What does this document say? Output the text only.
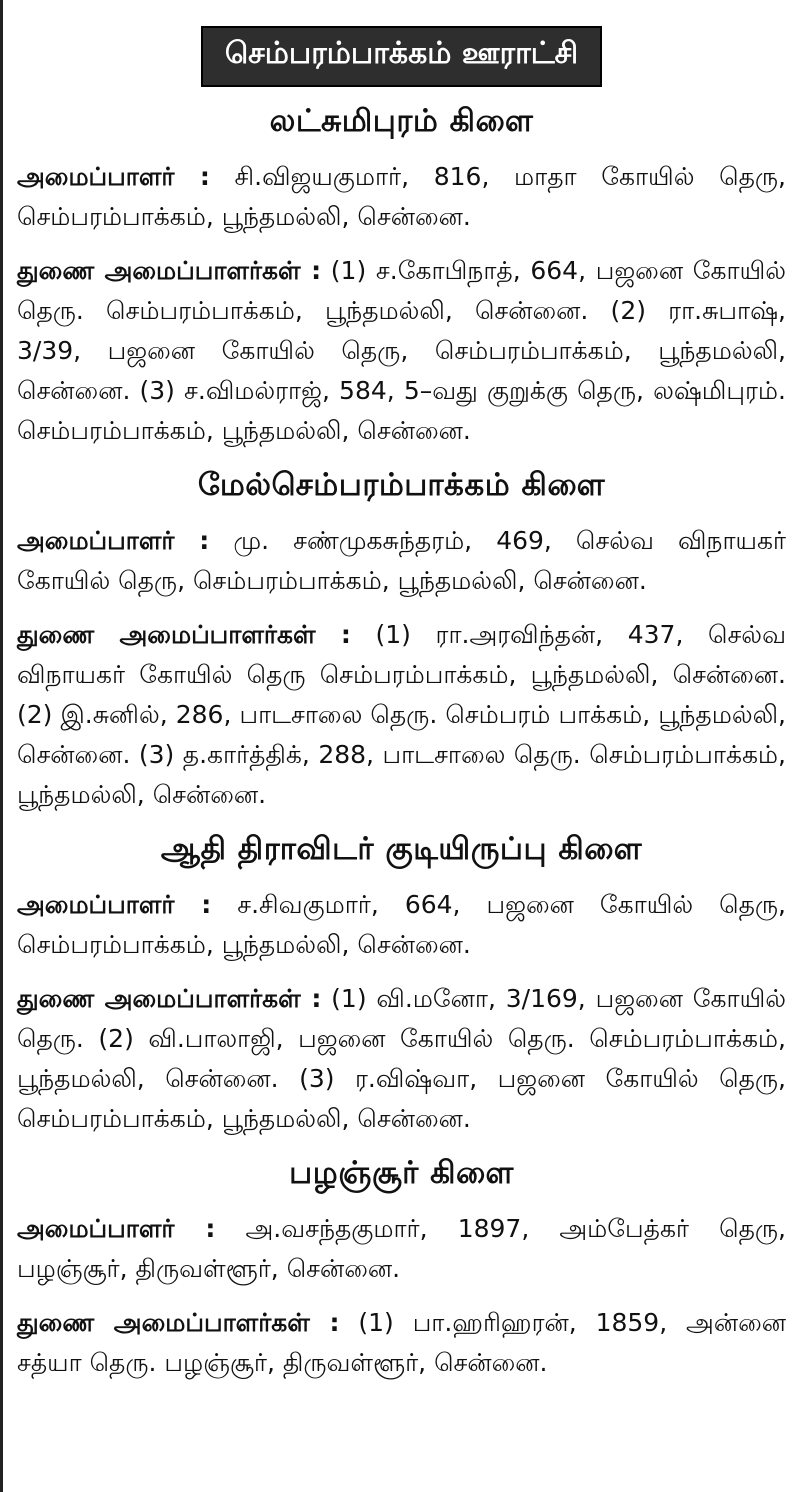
செம்பரம்பாக்கம் ஊராட்சி
லட்சுமிபுரம் கிளை

அமைப்பாளர் : சி.விஜயகுமார், 816, மாதா கோயில் தெரு, செம்பரம்பாக்கம், பூந்தமல்லி, சென்னை.

துணை அமைப்பாளர்கள் : (1) ச.கோபிநாத், 664, பஜனை கோயில் தெரு. செம்பரம்பாக்கம், பூந்தமல்லி, சென்னை. (2) ரா.சுபாஷ், 3/39, பஜனை கோயில் தெரு, செம்பரம்பாக்கம், பூந்தமல்லி, சென்னை. (3) ச.விமல்ராஜ், 584, 5–வது குறுக்கு தெரு, லஷ்மிபுரம். செம்பரம்பாக்கம், பூந்தமல்லி, சென்னை.

மேல்செம்பரம்பாக்கம் கிளை

அமைப்பாளர் : மு. சண்முகசுந்தரம், 469, செல்வ விநாயகர் கோயில் தெரு, செம்பரம்பாக்கம், பூந்தமல்லி, சென்னை.

துணை அமைப்பாளர்கள் : (1) ரா.அரவிந்தன், 437, செல்வ விநாயகர் கோயில் தெரு செம்பரம்பாக்கம், பூந்தமல்லி, சென்னை. (2) இ.சுனில், 286, பாடசாலை தெரு. செம்பரம் பாக்கம், பூந்தமல்லி, சென்னை. (3) த.கார்த்திக், 288, பாடசாலை தெரு. செம்பரம்பாக்கம், பூந்தமல்லி, சென்னை.

ஆதி திராவிடர் குடியிருப்பு கிளை

அமைப்பாளர் : ச.சிவகுமார், 664, பஜனை கோயில் தெரு, செம்பரம்பாக்கம், பூந்தமல்லி, சென்னை.

துணை அமைப்பாளர்கள் : (1) வி.மனோ, 3/169, பஜனை கோயில் தெரு. (2) வி.பாலாஜி, பஜனை கோயில் தெரு. செம்பரம்பாக்கம், பூந்தமல்லி, சென்னை. (3) ர.விஷ்வா, பஜனை கோயில் தெரு, செம்பரம்பாக்கம், பூந்தமல்லி, சென்னை.

பழஞ்சூர் கிளை

அமைப்பாளர் : அ.வசந்தகுமார், 1897, அம்பேத்கர் தெரு, பழஞ்சூர், திருவள்ளூர், சென்னை.

துணை அமைப்பாளர்கள் : (1) பா.ஹரிஹரன், 1859, அன்னை சத்யா தெரு. பழஞ்சூர், திருவள்ளூர், சென்னை.
